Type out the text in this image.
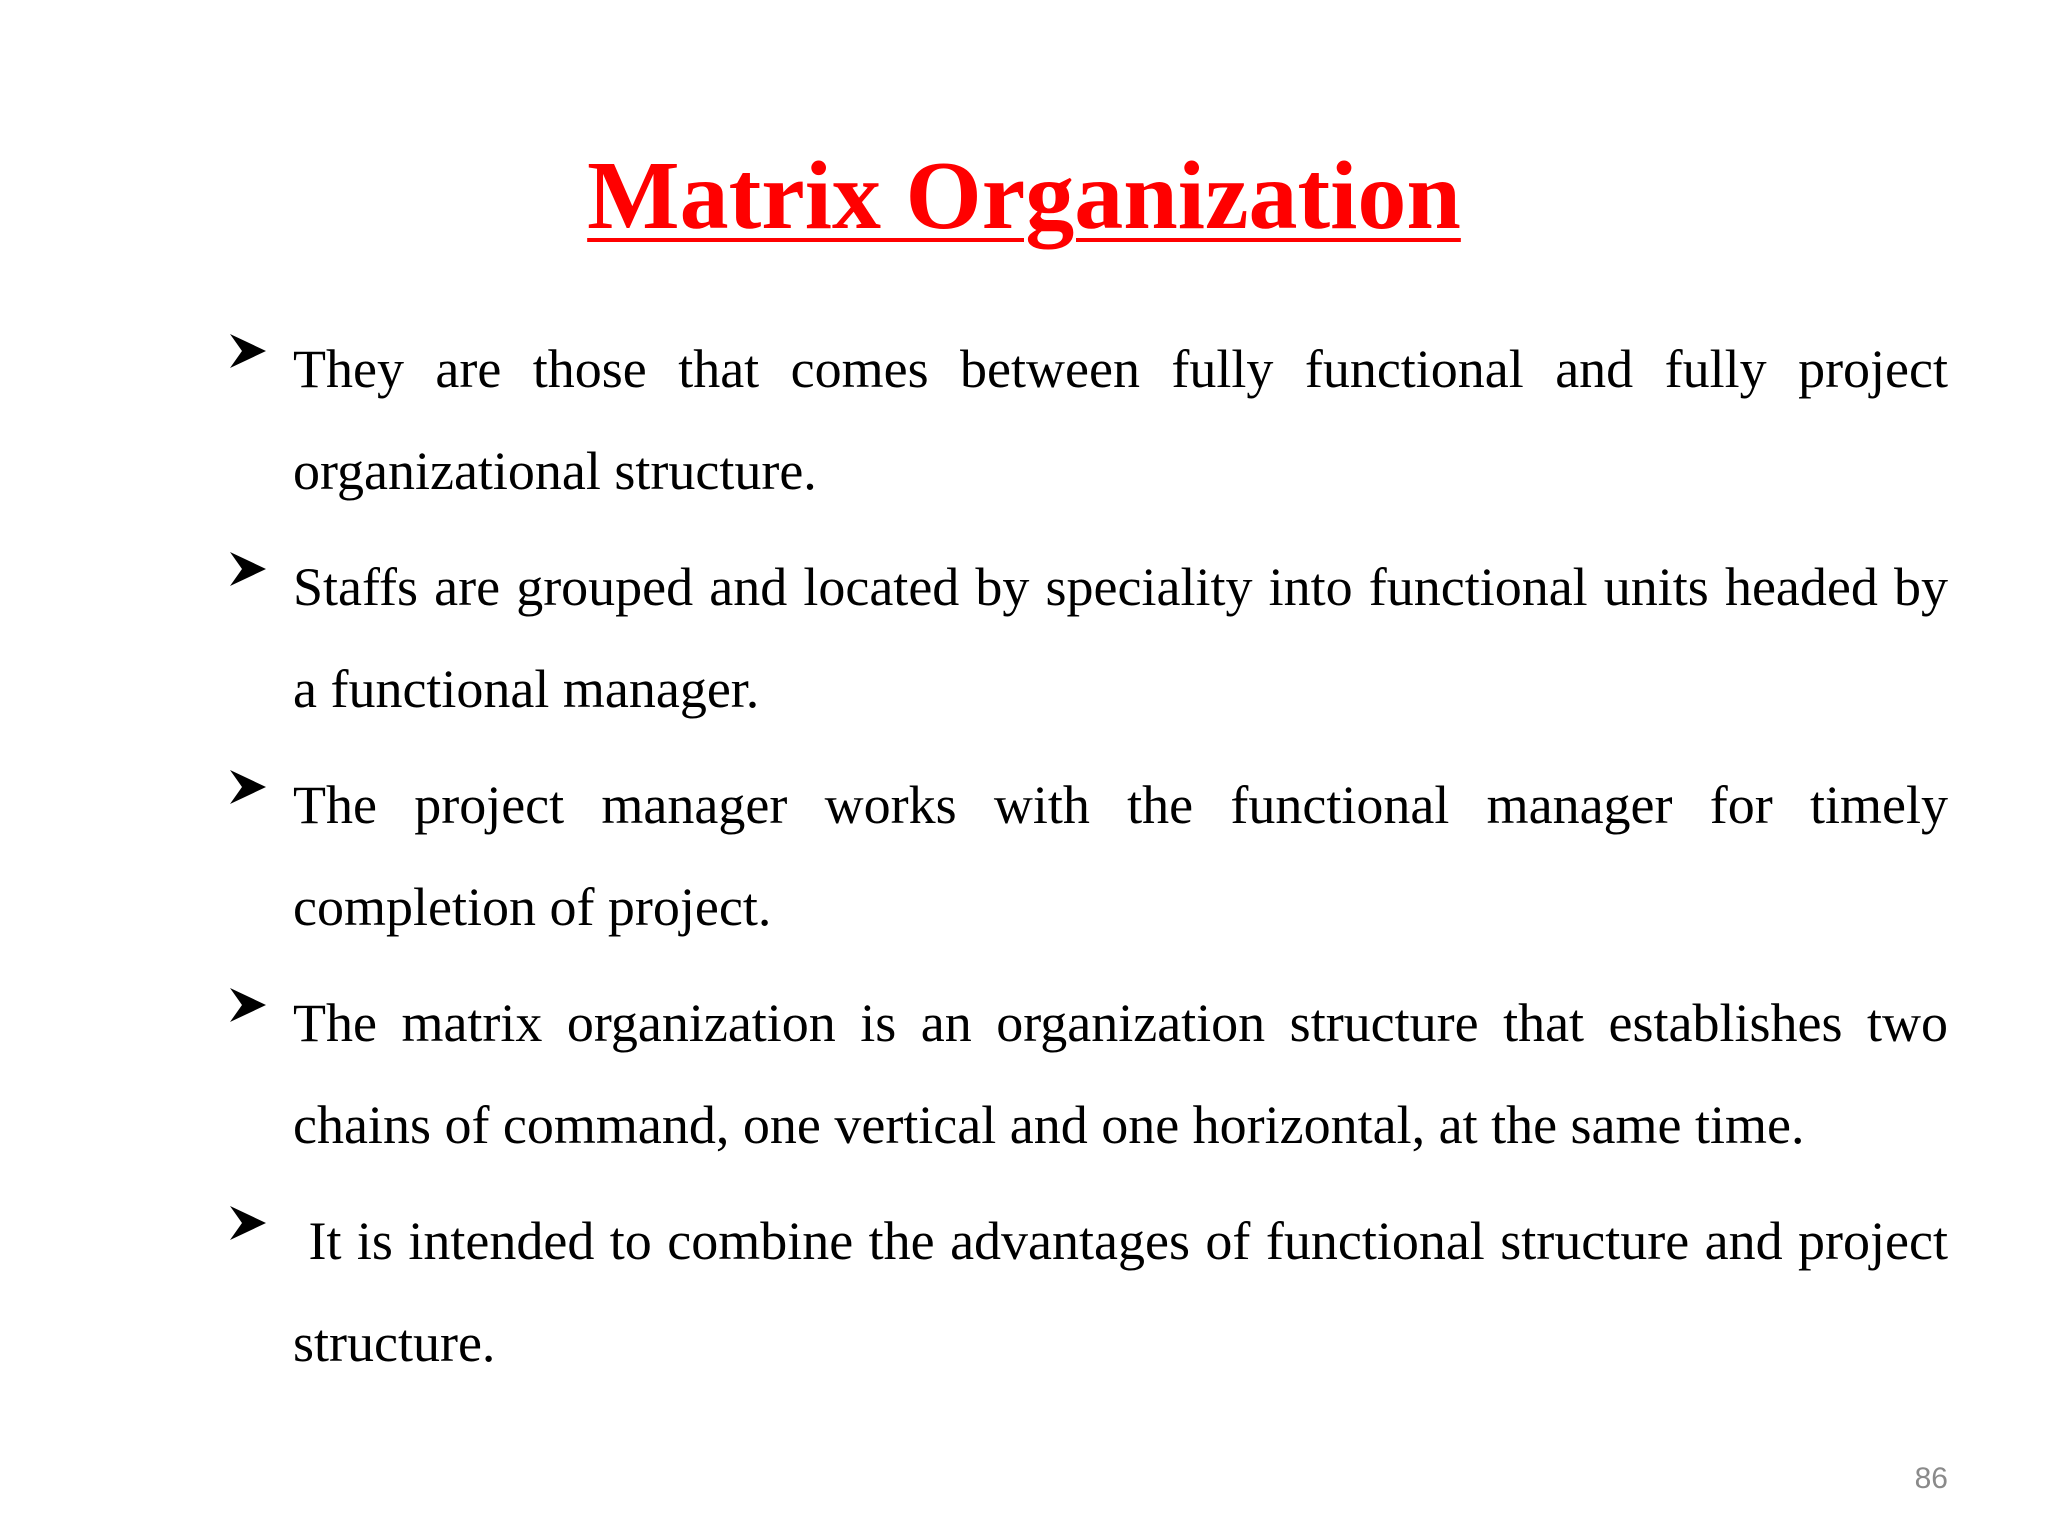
Matrix Organization
They are those that comes between fully functional and fully project organizational structure.
Staffs are grouped and located by speciality into functional units headed by a functional manager.
The project manager works with the functional manager for timely completion of project.
The matrix organization is an organization structure that establishes two chains of command, one vertical and one horizontal, at the same time.
It is intended to combine the advantages of functional structure and project structure.
86
